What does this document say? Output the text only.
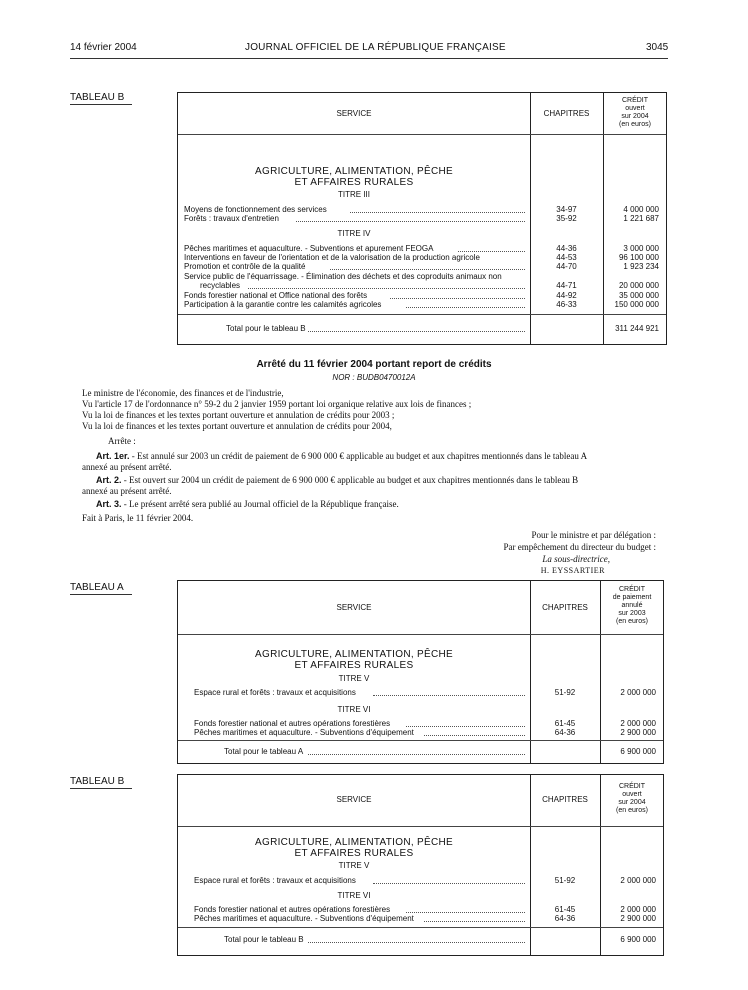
14 février 2004	JOURNAL OFFICIEL DE LA RÉPUBLIQUE FRANÇAISE	3045
TABLEAU B
SERVICE	CHAPITRES
CRÉDIT
ouvert
sur 2004
(en euros)
AGRICULTURE, ALIMENTATION, PÊCHE
ET AFFAIRES RURALES
TITRE III
Moyens de fonctionnement des services	34-97	4 000 000
Forêts : travaux d'entretien	35-92	1 221 687
TITRE IV
Pêches maritimes et aquaculture. - Subventions et apurement FEOGA	44-36	3 000 000
Interventions en faveur de l'orientation et de la valorisation de la production agricole	44-53	96 100 000
Promotion et contrôle de la qualité	44-70	1 923 234
Service public de l'équarrissage. - Élimination des déchets et des coproduits animaux non
recyclables	44-71	20 000 000
Fonds forestier national et Office national des forêts	44-92	35 000 000
Participation à la garantie contre les calamités agricoles	46-33	150 000 000
Total pour le tableau B	311 244 921
Arrêté du 11 février 2004 portant report de crédits
NOR : BUDB0470012A
Le ministre de l'économie, des finances et de l'industrie,
Vu l'article 17 de l'ordonnance n° 59-2 du 2 janvier 1959 portant loi organique relative aux lois de finances ;
Vu la loi de finances et les textes portant ouverture et annulation de crédits pour 2003 ;
Vu la loi de finances et les textes portant ouverture et annulation de crédits pour 2004,
Arrête :
Art. 1er. - Est annulé sur 2003 un crédit de paiement de 6 900 000 € applicable au budget et aux chapitres mentionnés dans le tableau A
annexé au présent arrêté.
Art. 2. - Est ouvert sur 2004 un crédit de paiement de 6 900 000 € applicable au budget et aux chapitres mentionnés dans le tableau B
annexé au présent arrêté.
Art. 3. - Le présent arrêté sera publié au Journal officiel de la République française.
Fait à Paris, le 11 février 2004.
Pour le ministre et par délégation :
Par empêchement du directeur du budget :
La sous-directrice,
H. EYSSARTIER
TABLEAU A
SERVICE	CHAPITRES
CRÉDIT
de paiement
annulé
sur 2003
(en euros)
AGRICULTURE, ALIMENTATION, PÊCHE
ET AFFAIRES RURALES
TITRE V
Espace rural et forêts : travaux et acquisitions	51-92	2 000 000
TITRE VI
Fonds forestier national et autres opérations forestières	61-45	2 000 000
Pêches maritimes et aquaculture. - Subventions d'équipement	64-36	2 900 000
Total pour le tableau A	6 900 000
TABLEAU B
SERVICE	CHAPITRES
CRÉDIT
ouvert
sur 2004
(en euros)
AGRICULTURE, ALIMENTATION, PÊCHE
ET AFFAIRES RURALES
TITRE V
Espace rural et forêts : travaux et acquisitions	51-92	2 000 000
TITRE VI
Fonds forestier national et autres opérations forestières	61-45	2 000 000
Pêches maritimes et aquaculture. - Subventions d'équipement	64-36	2 900 000
Total pour le tableau B	6 900 000
